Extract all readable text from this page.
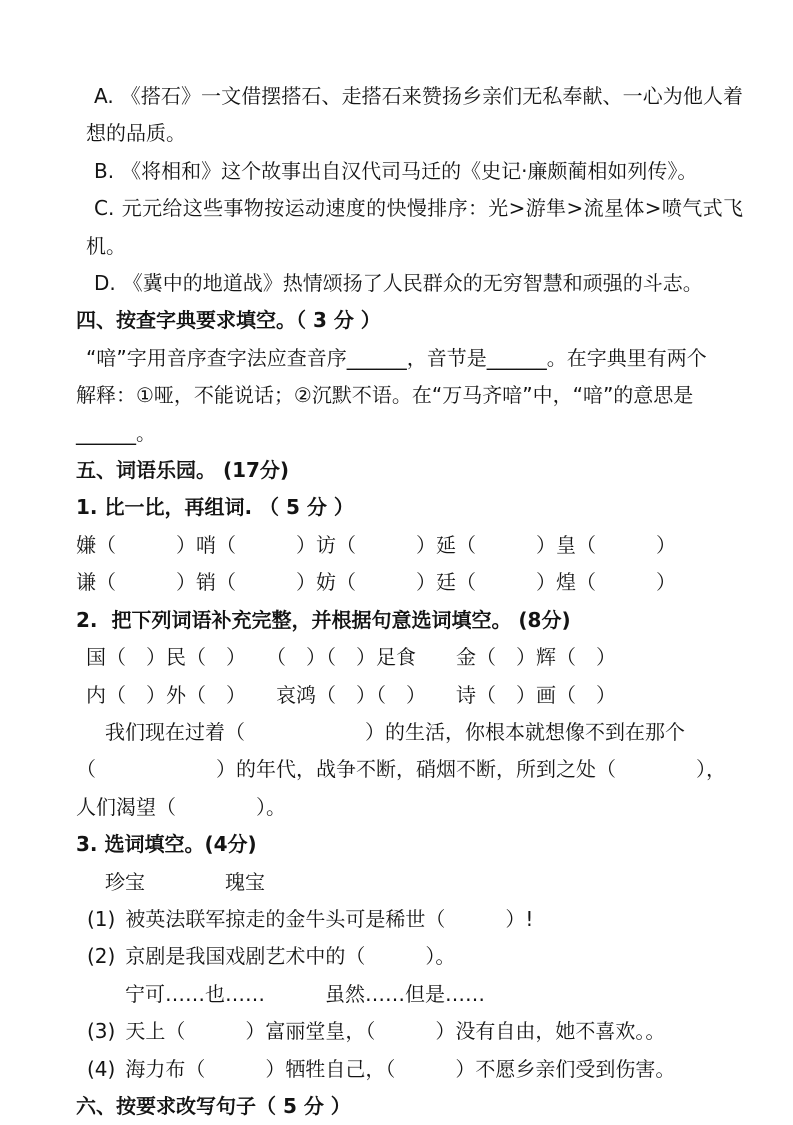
A. 《搭石》一文借摆搭石、走搭石来赞扬乡亲们无私奉献、一心为他人着想的品质。
B. 《将相和》这个故事出自汉代司马迁的《史记·廉颇蔺相如列传》。
C. 元元给这些事物按运动速度的快慢排序：光>游隼>流星体>喷气式飞机。
D. 《冀中的地道战》热情颂扬了人民群众的无穷智慧和顽强的斗志。
四、按查字典要求填空。（ 3 分 ）
“喑”字用音序查字法应查音序______，音节是______。在字典里有两个
解释：①哑，不能说话；②沉默不语。在“万马齐喑”中，“喑”的意思是______。
五、词语乐园。 (17分)
1. 比一比，再组词. （ 5 分 ）
嫌（　　　）哨（　　　）访（　　　）延（　　　）皇（　　　）
谦（　　　）销（　　　）妨（　　　）廷（　　　）煌（　　　）
2.  把下列词语补充完整，并根据句意选词填空。 (8分)
国（　）民（　）　　（　）（　）足食　　金（　）辉（　）
内（　）外（　）　　哀鸿（　）（　）　　诗（　）画（　）
我们现在过着（　　　　　　）的生活，你根本就想像不到在那个
（　　　　　　）的年代，战争不断，硝烟不断，所到之处（　　　　），
人们渴望（　　　　）。
3. 选词填空。(4分)
珍宝　　　　瑰宝
(1) 被英法联军掠走的金牛头可是稀世（　　　）!
(2) 京剧是我国戏剧艺术中的（　　　）。
宁可……也……　　　虽然……但是……
(3) 天上（　　　）富丽堂皇，（　　　）没有自由，她不喜欢。。
(4) 海力布（　　　）牺牲自己，（　　　）不愿乡亲们受到伤害。
六、按要求改写句子（ 5 分 ）
